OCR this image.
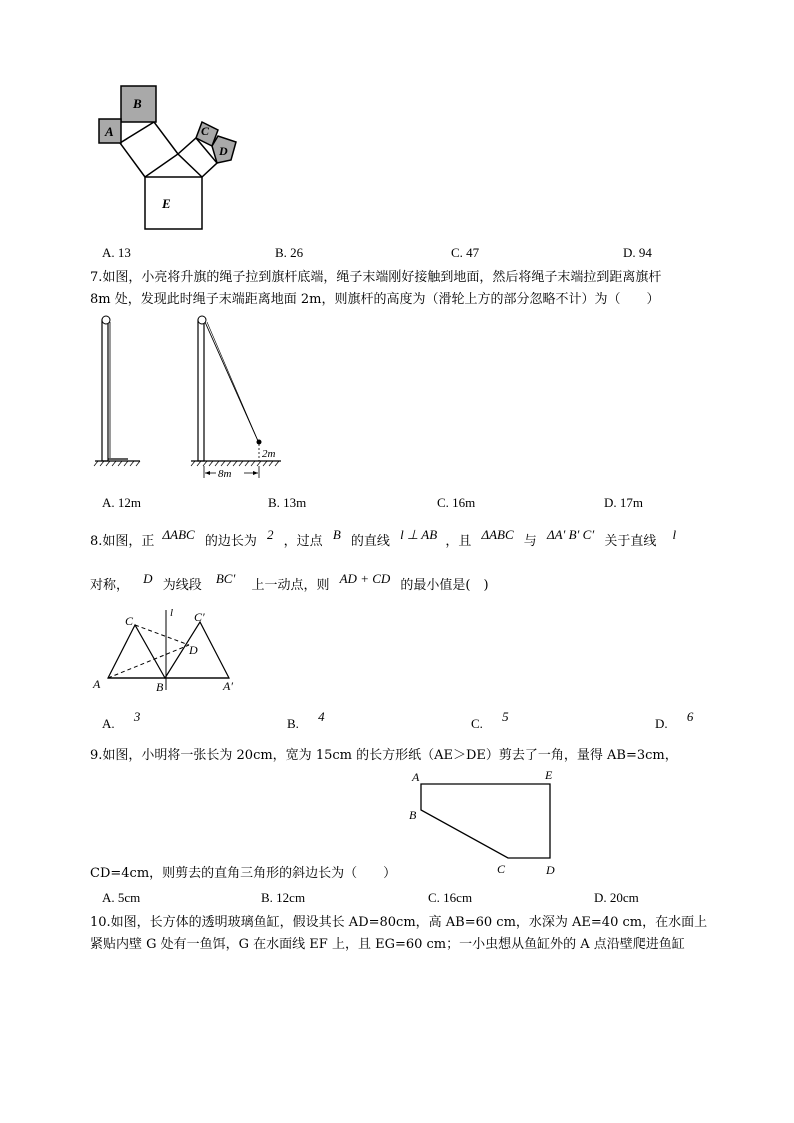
B
A	C
D
E
A. 13	B. 26	C. 47	D. 94
7.如图，小亮将升旗的绳子拉到旗杆底端，绳子末端刚好接触到地面，然后将绳子末端拉到距离旗杆
8m 处，发现此时绳子末端距离地面 2m，则旗杆的高度为（滑轮上方的部分忽略不计）为（　　）
8m
2m
A. 12m	B. 13m	C. 16m	D. 17m
8.如图，正 ΔABC 的边长为 2 ，过点 B 的直线 l ⊥ AB ，且 ΔABC 与 ΔA′ B′ C′ 关于直线 l
对称， D 为线段 BC′ 上一动点，则 AD + CD 的最小值是(　)
C	C′
l
D
A	B	A′
A. 3	B. 4	C. 5	D. 6
9.如图，小明将一张长为 20cm，宽为 15cm 的长方形纸（AE＞DE）剪去了一角，量得 AB=3cm，
A	E
B
C	D
CD=4cm，则剪去的直角三角形的斜边长为（　　）
A. 5cm	B. 12cm	C. 16cm	D. 20cm
10.如图，长方体的透明玻璃鱼缸，假设其长 AD=80cm，高 AB=60 cm，水深为 AE=40 cm，在水面上
紧贴内壁 G 处有一鱼饵，G 在水面线 EF 上，且 EG=60 cm；一小虫想从鱼缸外的 A 点沿壁爬进鱼缸
